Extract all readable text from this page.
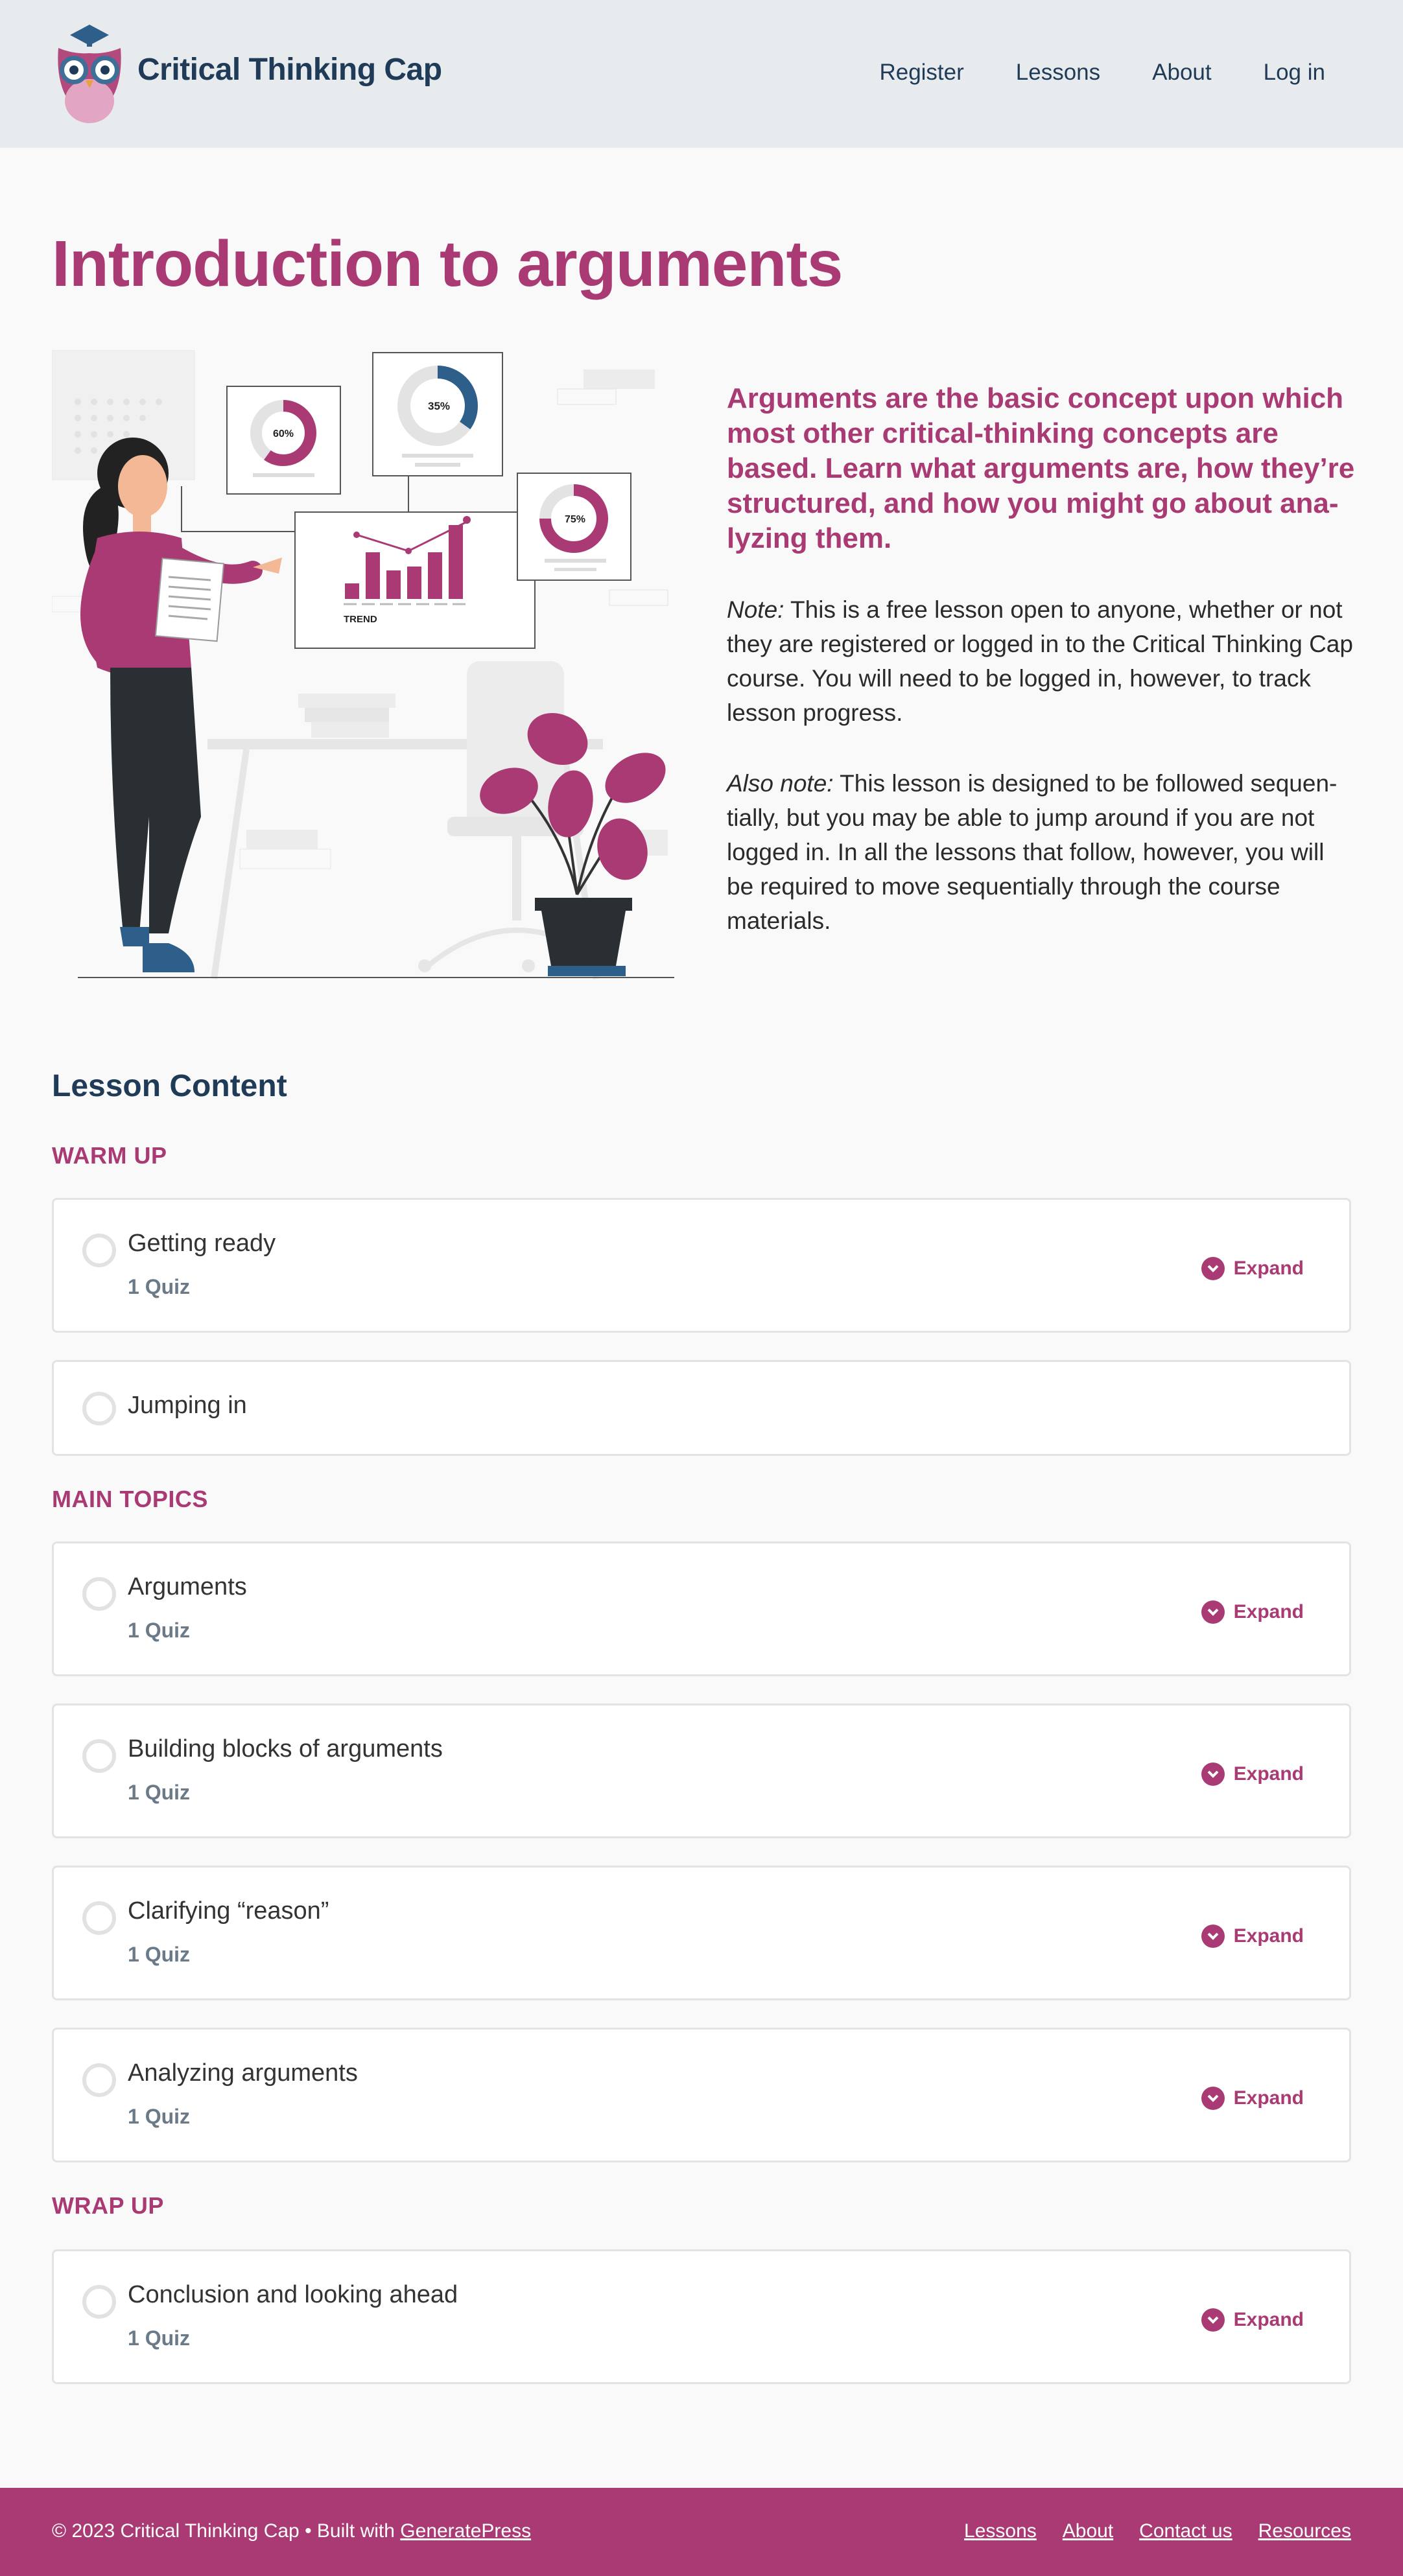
Critical Thinking Cap	Register Lessons About Log in
Introduction to arguments
60%
35%
TREND
75%

Arguments are the basic concept upon which most other critical-thinking concepts are based. Learn what arguments are, how they’re structured, and how you might go about analyzing them.

Note: This is a free lesson open to anyone, whether or not they are registered or logged in to the Critical Thinking Cap course. You will need to be logged in, however, to track lesson progress.

Also note: This lesson is designed to be followed sequentially, but you may be able to jump around if you are not logged in. In all the lessons that follow, however, you will be required to move sequentially through the course materials.

Lesson Content
WARM UP
Getting ready
1 Quiz
Expand
Jumping in
MAIN TOPICS
Arguments
1 Quiz
Expand
Building blocks of arguments
1 Quiz
Expand
Clarifying “reason”
1 Quiz
Expand
Analyzing arguments
1 Quiz
Expand
WRAP UP
Conclusion and looking ahead
1 Quiz
Expand
© 2023 Critical Thinking Cap • Built with GeneratePress	Lessons About Contact us Resources
